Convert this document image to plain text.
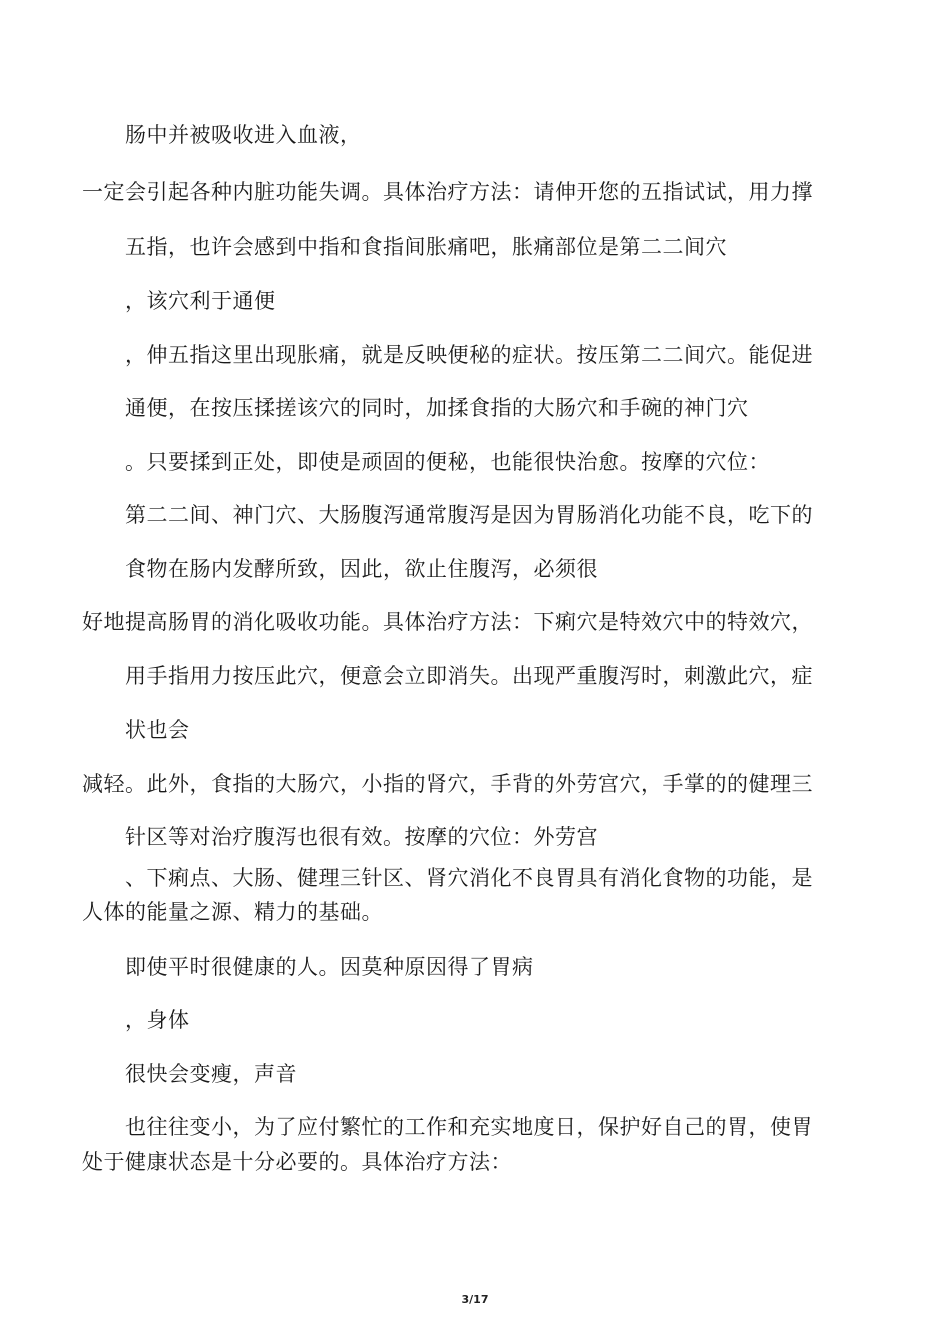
肠中并被吸收进入血液，
一定会引起各种内脏功能失调。具体治疗方法：请伸开您的五指试试，用力撑
五指，也许会感到中指和食指间胀痛吧，胀痛部位是第二二间穴
，该穴利于通便
，伸五指这里出现胀痛，就是反映便秘的症状。按压第二二间穴。能促进
通便，在按压揉搓该穴的同时，加揉食指的大肠穴和手碗的神门穴
。只要揉到正处，即使是顽固的便秘，也能很快治愈。按摩的穴位：
第二二间、神门穴、大肠腹泻通常腹泻是因为胃肠消化功能不良，吃下的
食物在肠内发酵所致，因此，欲止住腹泻，必须很
好地提高肠胃的消化吸收功能。具体治疗方法：下痢穴是特效穴中的特效穴，
用手指用力按压此穴，便意会立即消失。出现严重腹泻时，刺激此穴，症
状也会
减轻。此外，食指的大肠穴，小指的肾穴，手背的外劳宫穴，手掌的的健理三
针区等对治疗腹泻也很有效。按摩的穴位：外劳宫
、下痢点、大肠、健理三针区、肾穴消化不良胃具有消化食物的功能，是
人体的能量之源、精力的基础。
即使平时很健康的人。因莫种原因得了胃病
，身体
很快会变瘦，声音
也往往变小，为了应付繁忙的工作和充实地度日，保护好自己的胃，使胃
处于健康状态是十分必要的。具体治疗方法：
3/17
